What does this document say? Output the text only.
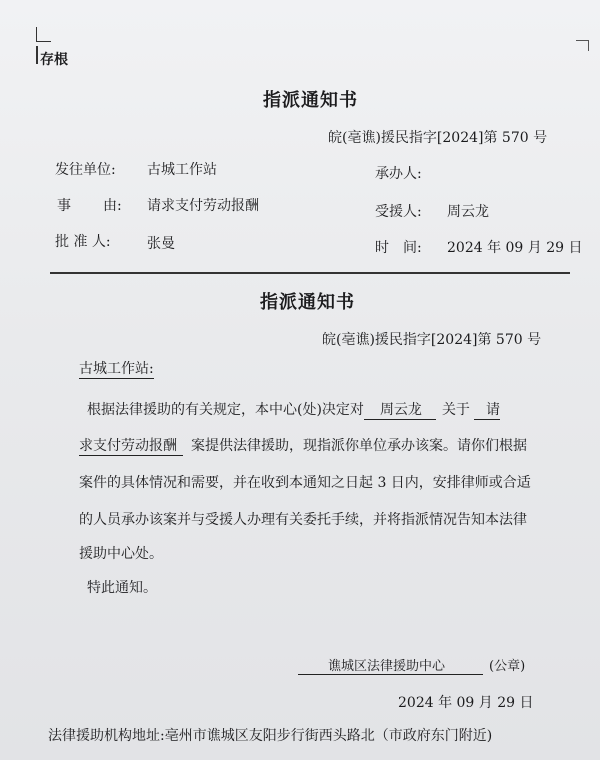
存根
指派通知书
皖(亳谯)援民指字[2024]第 570 号
发往单位: 古城工作站	承办人:
事 由: 请求支付劳动报酬	受援人: 周云龙
批 准 人:	张曼	时　间: 2024 年 09 月 29 日
指派通知书
皖(亳谯)援民指字[2024]第 570 号
古城工作站:
根据法律援助的有关规定，本中心(处)决定对 周云龙 关于 请
求支付劳动报酬 案提供法律援助，现指派你单位承办该案。请你们根据
案件的具体情况和需要，并在收到本通知之日起 3 日内，安排律师或合适
的人员承办该案并与受援人办理有关委托手续，并将指派情况告知本法律
援助中心处。
特此通知。
谯城区法律援助中心	(公章)
2024 年 09 月 29 日
法律援助机构地址:亳州市谯城区友阳步行街西头路北（市政府东门附近)
